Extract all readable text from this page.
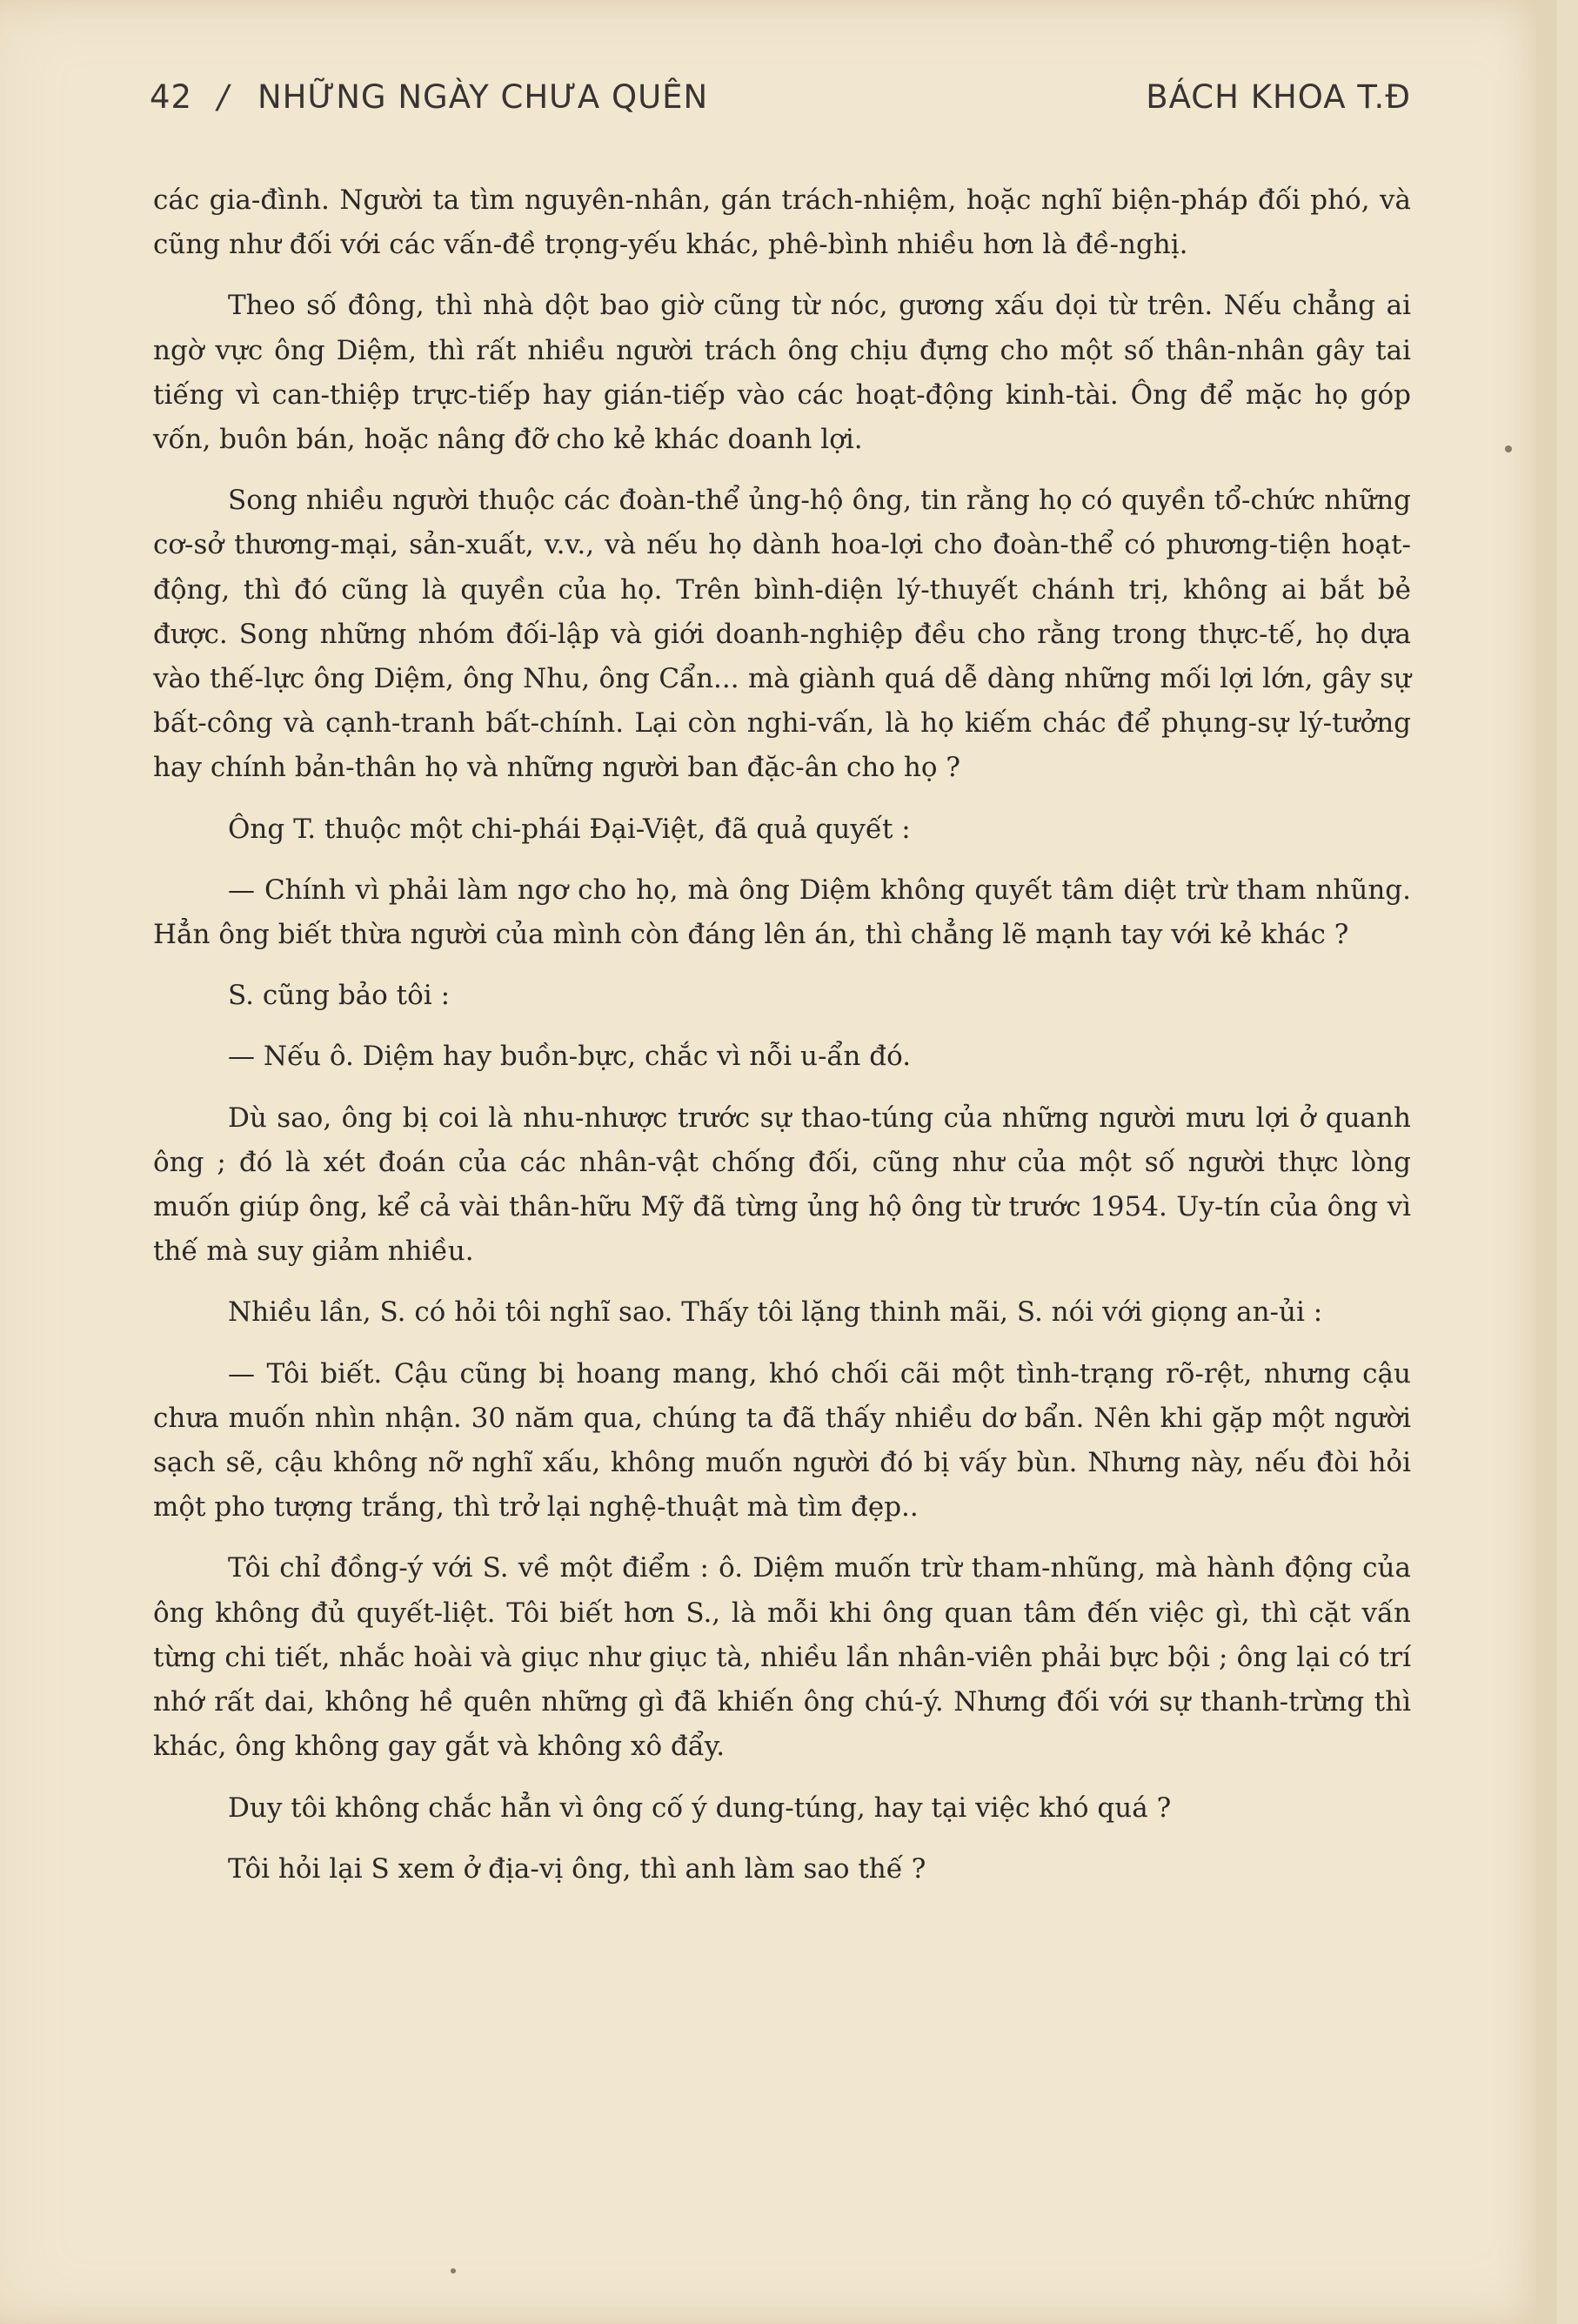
42 / NHỮNG NGÀY CHƯA QUÊN	BÁCH KHOA T.Đ

các gia-đình. Người ta tìm nguyên-nhân, gán trách-nhiệm, hoặc nghĩ biện-pháp đối phó, và cũng như đối với các vấn-đề trọng-yếu khác, phê-bình nhiều hơn là đề-nghị.

Theo số đông, thì nhà dột bao giờ cũng từ nóc, gương xấu dọi từ trên. Nếu chẳng ai ngờ vực ông Diệm, thì rất nhiều người trách ông chịu đựng cho một số thân-nhân gây tai tiếng vì can-thiệp trực-tiếp hay gián-tiếp vào các hoạt-động kinh-tài. Ông để mặc họ góp vốn, buôn bán, hoặc nâng đỡ cho kẻ khác doanh lợi.

Song nhiều người thuộc các đoàn-thể ủng-hộ ông, tin rằng họ có quyền tổ-chức những cơ-sở thương-mại, sản-xuất, v.v., và nếu họ dành hoa-lợi cho đoàn-thể có phương-tiện hoạt-động, thì đó cũng là quyền của họ. Trên bình-diện lý-thuyết chánh trị, không ai bắt bẻ được. Song những nhóm đối-lập và giới doanh-nghiệp đều cho rằng trong thực-tế, họ dựa vào thế-lực ông Diệm, ông Nhu, ông Cẩn... mà giành quá dễ dàng những mối lợi lớn, gây sự bất-công và cạnh-tranh bất-chính. Lại còn nghi-vấn, là họ kiếm chác để phụng-sự lý-tưởng hay chính bản-thân họ và những người ban đặc-ân cho họ ?

Ông T. thuộc một chi-phái Đại-Việt, đã quả quyết :

— Chính vì phải làm ngơ cho họ, mà ông Diệm không quyết tâm diệt trừ tham nhũng. Hẳn ông biết thừa người của mình còn đáng lên án, thì chẳng lẽ mạnh tay với kẻ khác ?

S. cũng bảo tôi :

— Nếu ô. Diệm hay buồn-bực, chắc vì nỗi u-ẩn đó.

Dù sao, ông bị coi là nhu-nhược trước sự thao-túng của những người mưu lợi ở quanh ông ; đó là xét đoán của các nhân-vật chống đối, cũng như của một số người thực lòng muốn giúp ông, kể cả vài thân-hữu Mỹ đã từng ủng hộ ông từ trước 1954. Uy-tín của ông vì thế mà suy giảm nhiều.

Nhiều lần, S. có hỏi tôi nghĩ sao. Thấy tôi lặng thinh mãi, S. nói với giọng an-ủi :

— Tôi biết. Cậu cũng bị hoang mang, khó chối cãi một tình-trạng rõ-rệt, nhưng cậu chưa muốn nhìn nhận. 30 năm qua, chúng ta đã thấy nhiều dơ bẩn. Nên khi gặp một người sạch sẽ, cậu không nỡ nghĩ xấu, không muốn người đó bị vấy bùn. Nhưng này, nếu đòi hỏi một pho tượng trắng, thì trở lại nghệ-thuật mà tìm đẹp..

Tôi chỉ đồng-ý với S. về một điểm : ô. Diệm muốn trừ tham-nhũng, mà hành động của ông không đủ quyết-liệt. Tôi biết hơn S., là mỗi khi ông quan tâm đến việc gì, thì cặt vấn từng chi tiết, nhắc hoài và giục như giục tà, nhiều lần nhân-viên phải bực bội ; ông lại có trí nhớ rất dai, không hề quên những gì đã khiến ông chú-ý. Nhưng đối với sự thanh-trừng thì khác, ông không gay gắt và không xô đẩy.

Duy tôi không chắc hẳn vì ông cố ý dung-túng, hay tại việc khó quá ?

Tôi hỏi lại S xem ở địa-vị ông, thì anh làm sao thế ?
